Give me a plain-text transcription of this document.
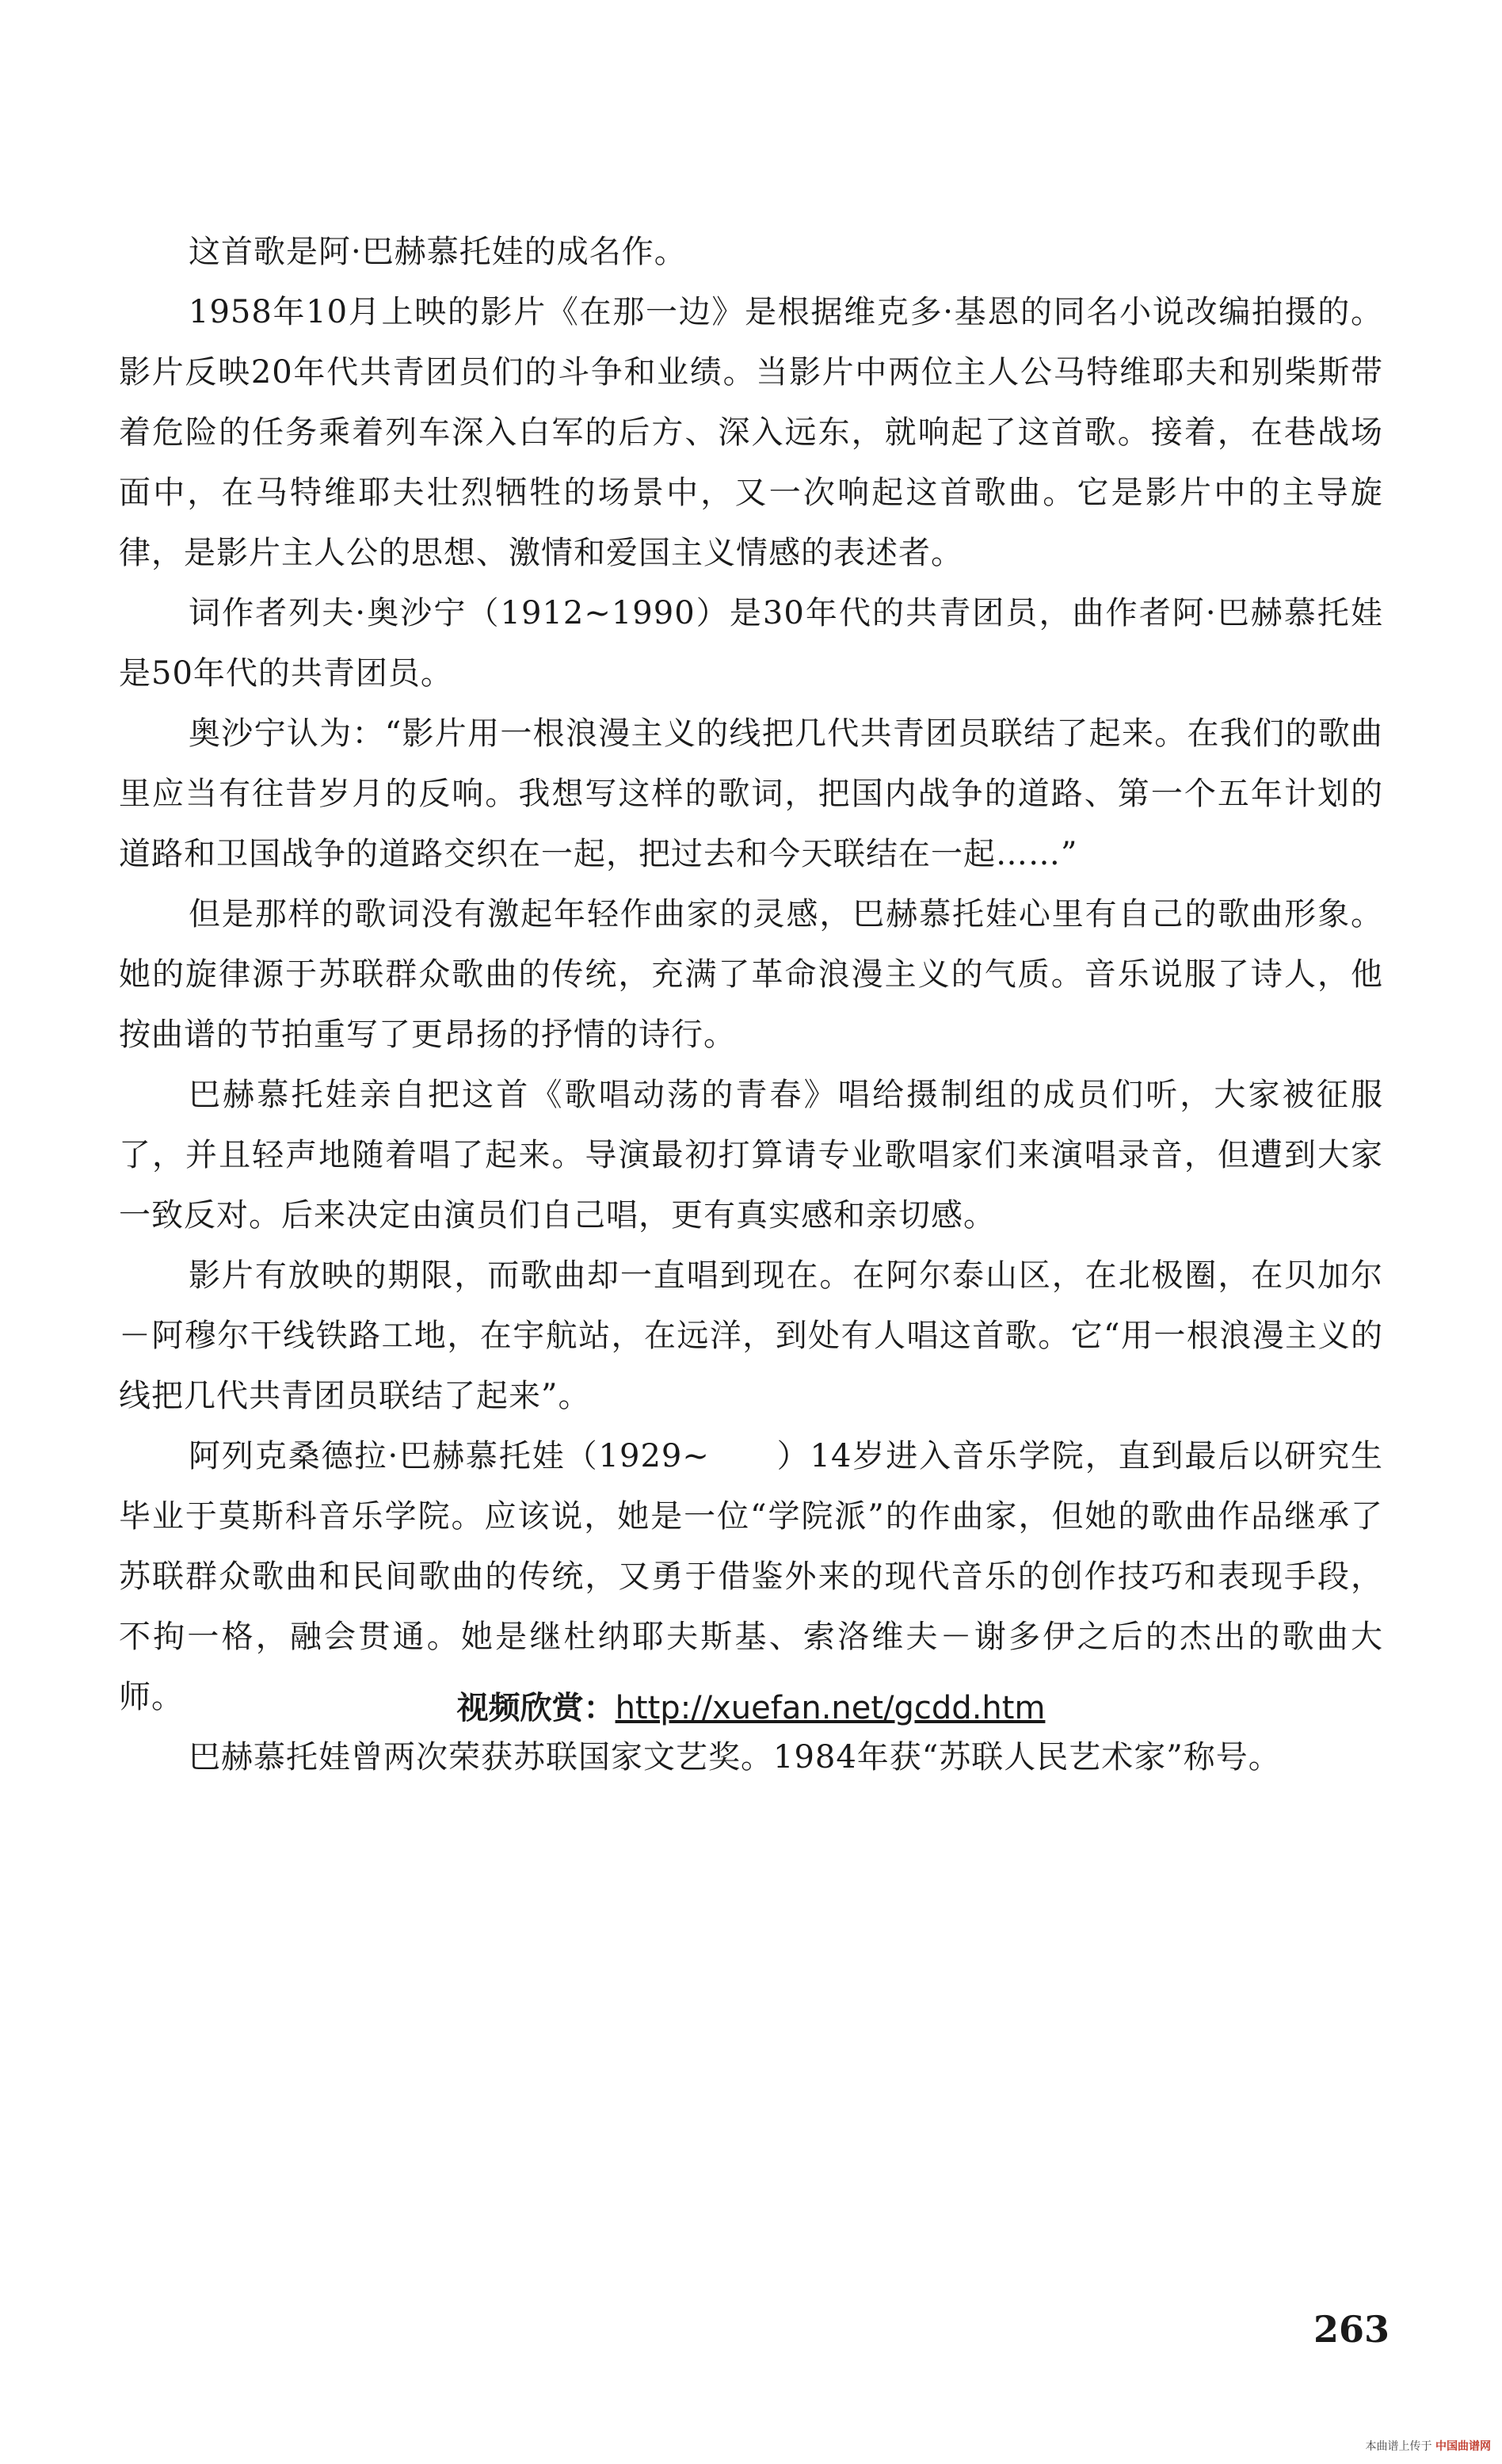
这首歌是阿·巴赫慕托娃的成名作。

1958年10月上映的影片《在那一边》是根据维克多·基恩的同名小说改编拍摄的。影片反映20年代共青团员们的斗争和业绩。当影片中两位主人公马特维耶夫和别柴斯带着危险的任务乘着列车深入白军的后方、深入远东，就响起了这首歌。接着，在巷战场面中，在马特维耶夫壮烈牺牲的场景中，又一次响起这首歌曲。它是影片中的主导旋律，是影片主人公的思想、激情和爱国主义情感的表述者。

词作者列夫·奥沙宁（1912~1990）是30年代的共青团员，曲作者阿·巴赫慕托娃是50年代的共青团员。

奥沙宁认为：“影片用一根浪漫主义的线把几代共青团员联结了起来。在我们的歌曲里应当有往昔岁月的反响。我想写这样的歌词，把国内战争的道路、第一个五年计划的道路和卫国战争的道路交织在一起，把过去和今天联结在一起……”

但是那样的歌词没有激起年轻作曲家的灵感，巴赫慕托娃心里有自己的歌曲形象。她的旋律源于苏联群众歌曲的传统，充满了革命浪漫主义的气质。音乐说服了诗人，他按曲谱的节拍重写了更昂扬的抒情的诗行。

巴赫慕托娃亲自把这首《歌唱动荡的青春》唱给摄制组的成员们听，大家被征服了，并且轻声地随着唱了起来。导演最初打算请专业歌唱家们来演唱录音，但遭到大家一致反对。后来决定由演员们自己唱，更有真实感和亲切感。

影片有放映的期限，而歌曲却一直唱到现在。在阿尔泰山区，在北极圈，在贝加尔－阿穆尔干线铁路工地，在宇航站，在远洋，到处有人唱这首歌。它“用一根浪漫主义的线把几代共青团员联结了起来”。

阿列克桑德拉·巴赫慕托娃（1929~　　）14岁进入音乐学院，直到最后以研究生毕业于莫斯科音乐学院。应该说，她是一位“学院派”的作曲家，但她的歌曲作品继承了苏联群众歌曲和民间歌曲的传统，又勇于借鉴外来的现代音乐的创作技巧和表现手段，不拘一格，融会贯通。她是继杜纳耶夫斯基、索洛维夫－谢多伊之后的杰出的歌曲大师。

巴赫慕托娃曾两次荣获苏联国家文艺奖。1984年获“苏联人民艺术家”称号。

视频欣赏：http://xuefan.net/gcdd.htm
263
本曲谱上传于 中国曲谱网
